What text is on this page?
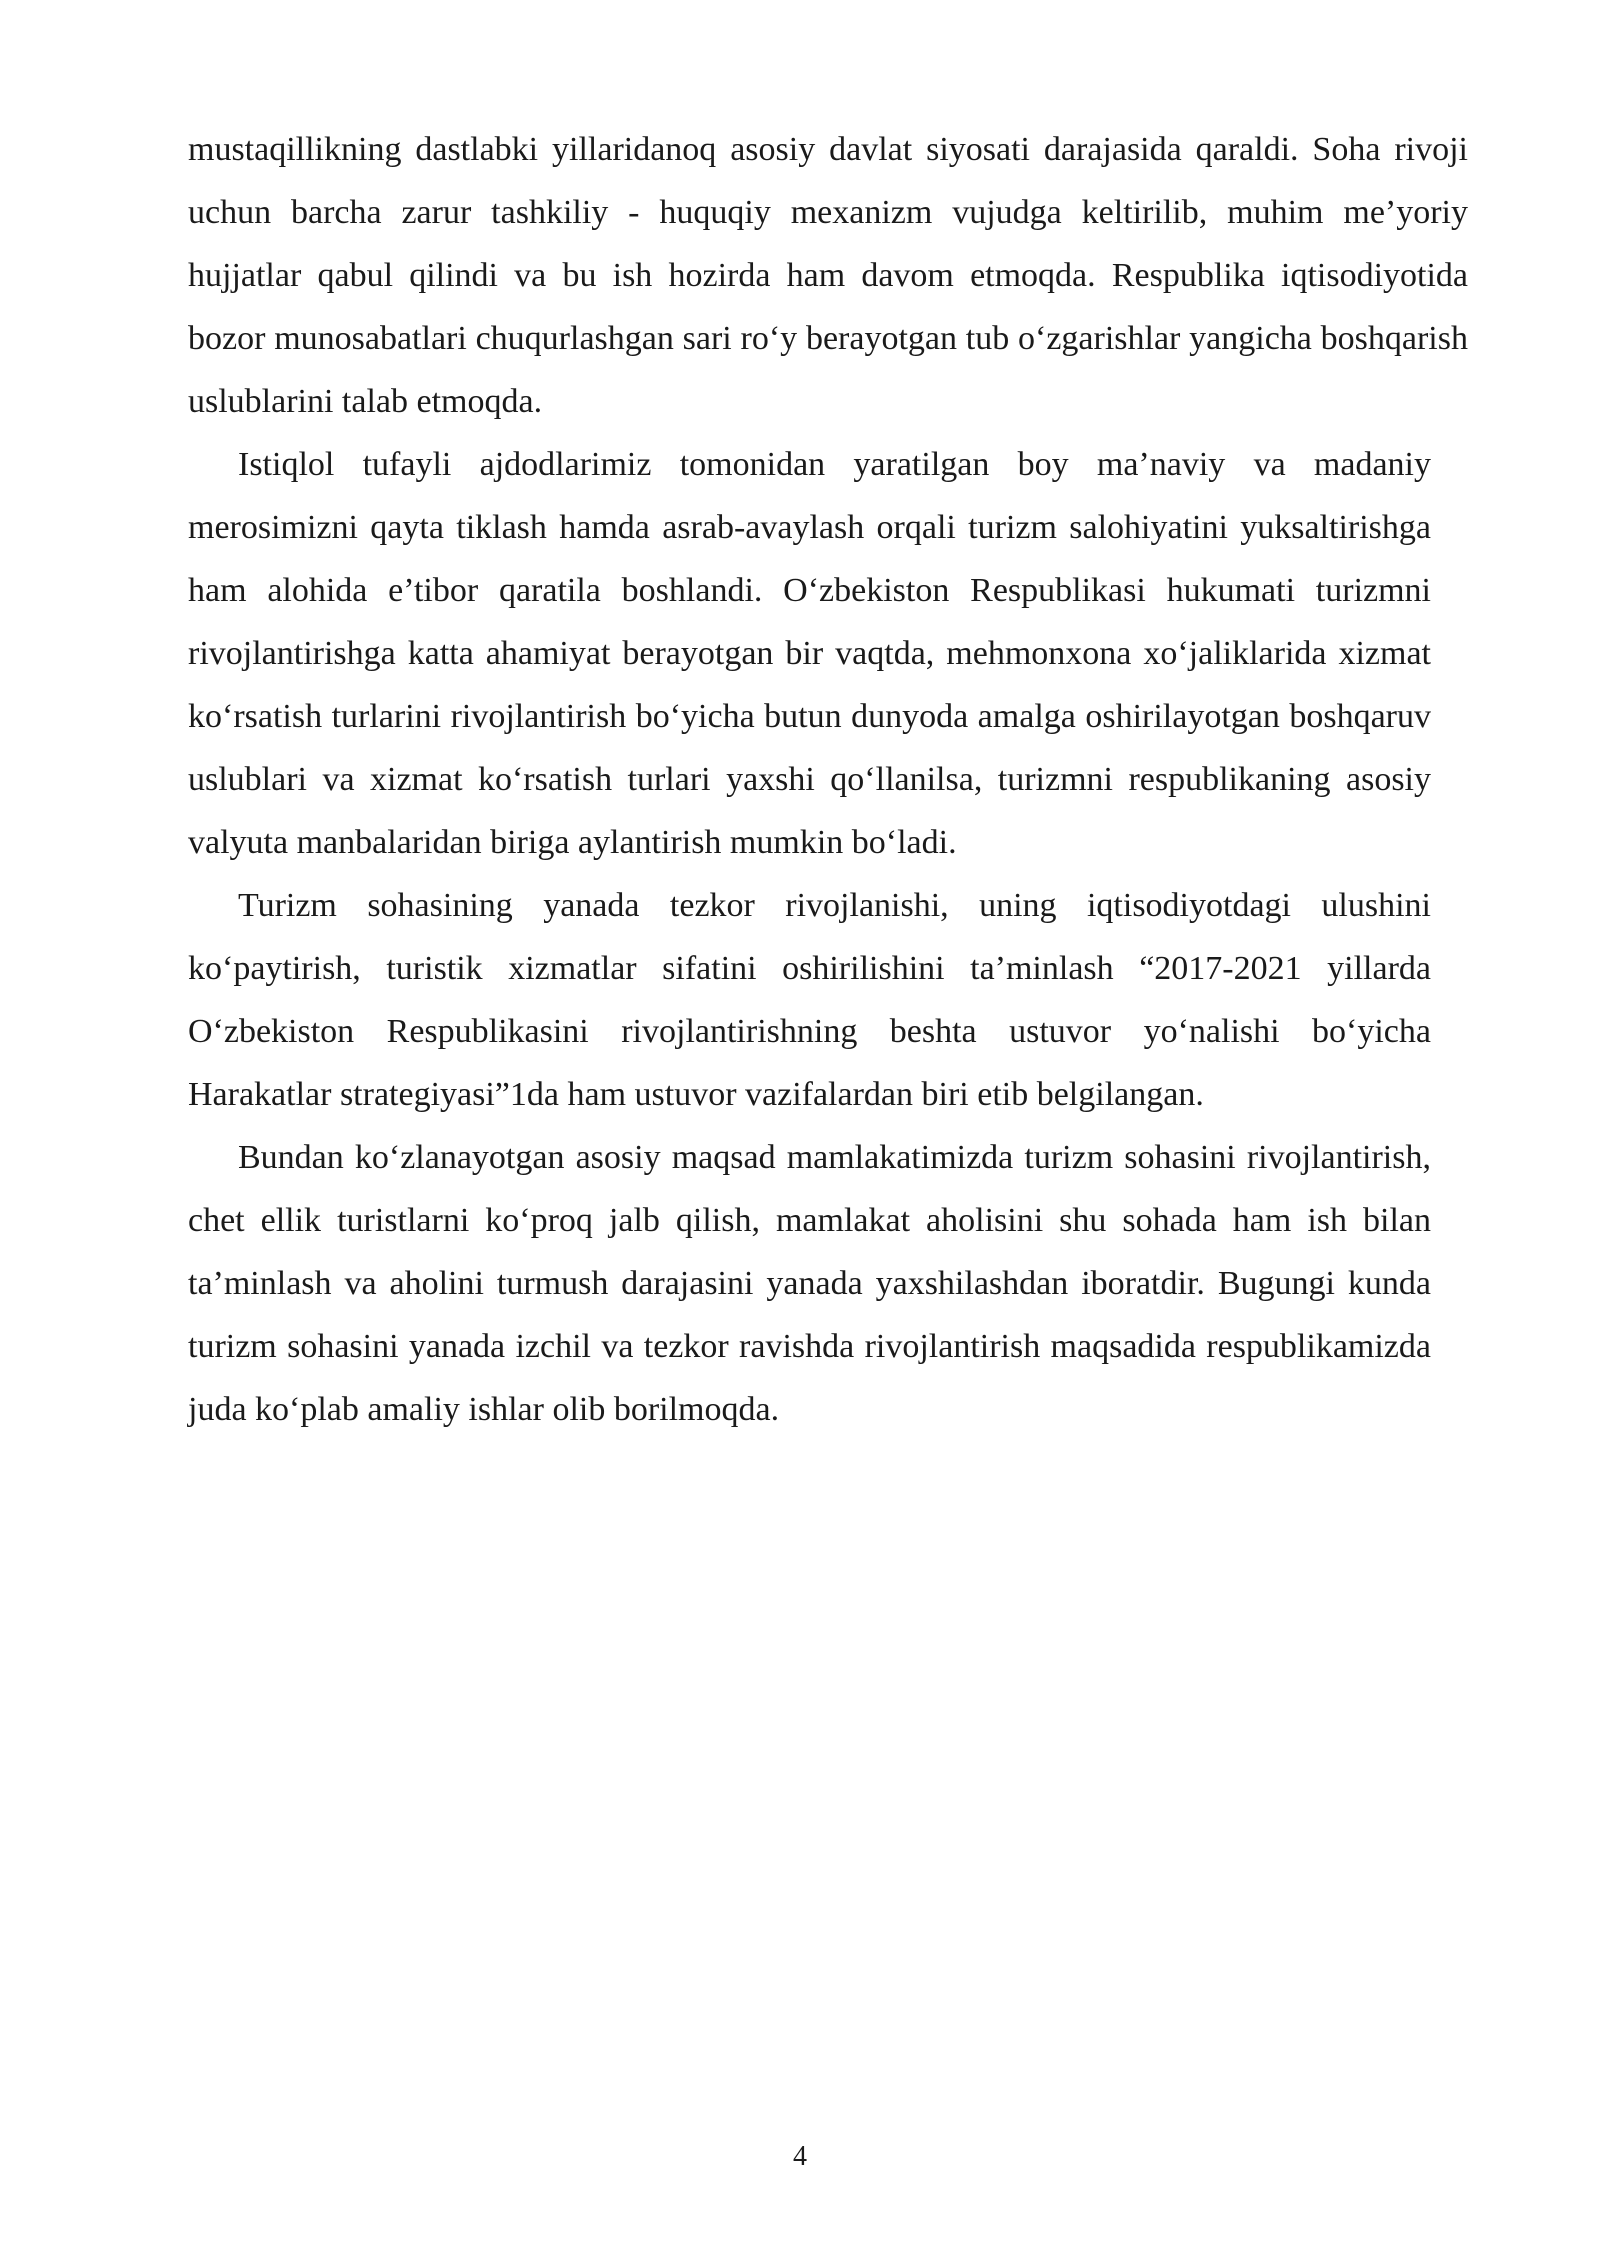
mustaqillikning dastlabki yillaridanoq asosiy davlat siyosati darajasida qaraldi. Soha rivoji uchun barcha zarur tashkiliy - huquqiy mexanizm vujudga keltirilib, muhim me’yoriy hujjatlar qabul qilindi va bu ish hozirda ham davom etmoqda. Respublika iqtisodiyotida bozor munosabatlari chuqurlashgan sari ro‘y berayotgan tub o‘zgarishlar yangicha boshqarish uslublarini talab etmoqda.

Istiqlol tufayli ajdodlarimiz tomonidan yaratilgan boy ma’naviy va madaniy merosimizni qayta tiklash hamda asrab-avaylash orqali turizm salohiyatini yuksaltirishga ham alohida e’tibor qaratila boshlandi. O‘zbekiston Respublikasi hukumati turizmni rivojlantirishga katta ahamiyat berayotgan bir vaqtda, mehmonxona xo‘jaliklarida xizmat ko‘rsatish turlarini rivojlantirish bo‘yicha butun dunyoda amalga oshirilayotgan boshqaruv uslublari va xizmat ko‘rsatish turlari yaxshi qo‘llanilsa, turizmni respublikaning asosiy valyuta manbalaridan biriga aylantirish mumkin bo‘ladi.

Turizm sohasining yanada tezkor rivojlanishi, uning iqtisodiyotdagi ulushini ko‘paytirish, turistik xizmatlar sifatini oshirilishini ta’minlash “2017-2021 yillarda O‘zbekiston Respublikasini rivojlantirishning beshta ustuvor yo‘nalishi bo‘yicha Harakatlar strategiyasi”1da ham ustuvor vazifalardan biri etib belgilangan.

Bundan ko‘zlanayotgan asosiy maqsad mamlakatimizda turizm sohasini rivojlantirish, chet ellik turistlarni ko‘proq jalb qilish, mamlakat aholisini shu sohada ham ish bilan ta’minlash va aholini turmush darajasini yanada yaxshilashdan iboratdir. Bugungi kunda turizm sohasini yanada izchil va tezkor ravishda rivojlantirish maqsadida respublikamizda juda ko‘plab amaliy ishlar olib borilmoqda.

4
